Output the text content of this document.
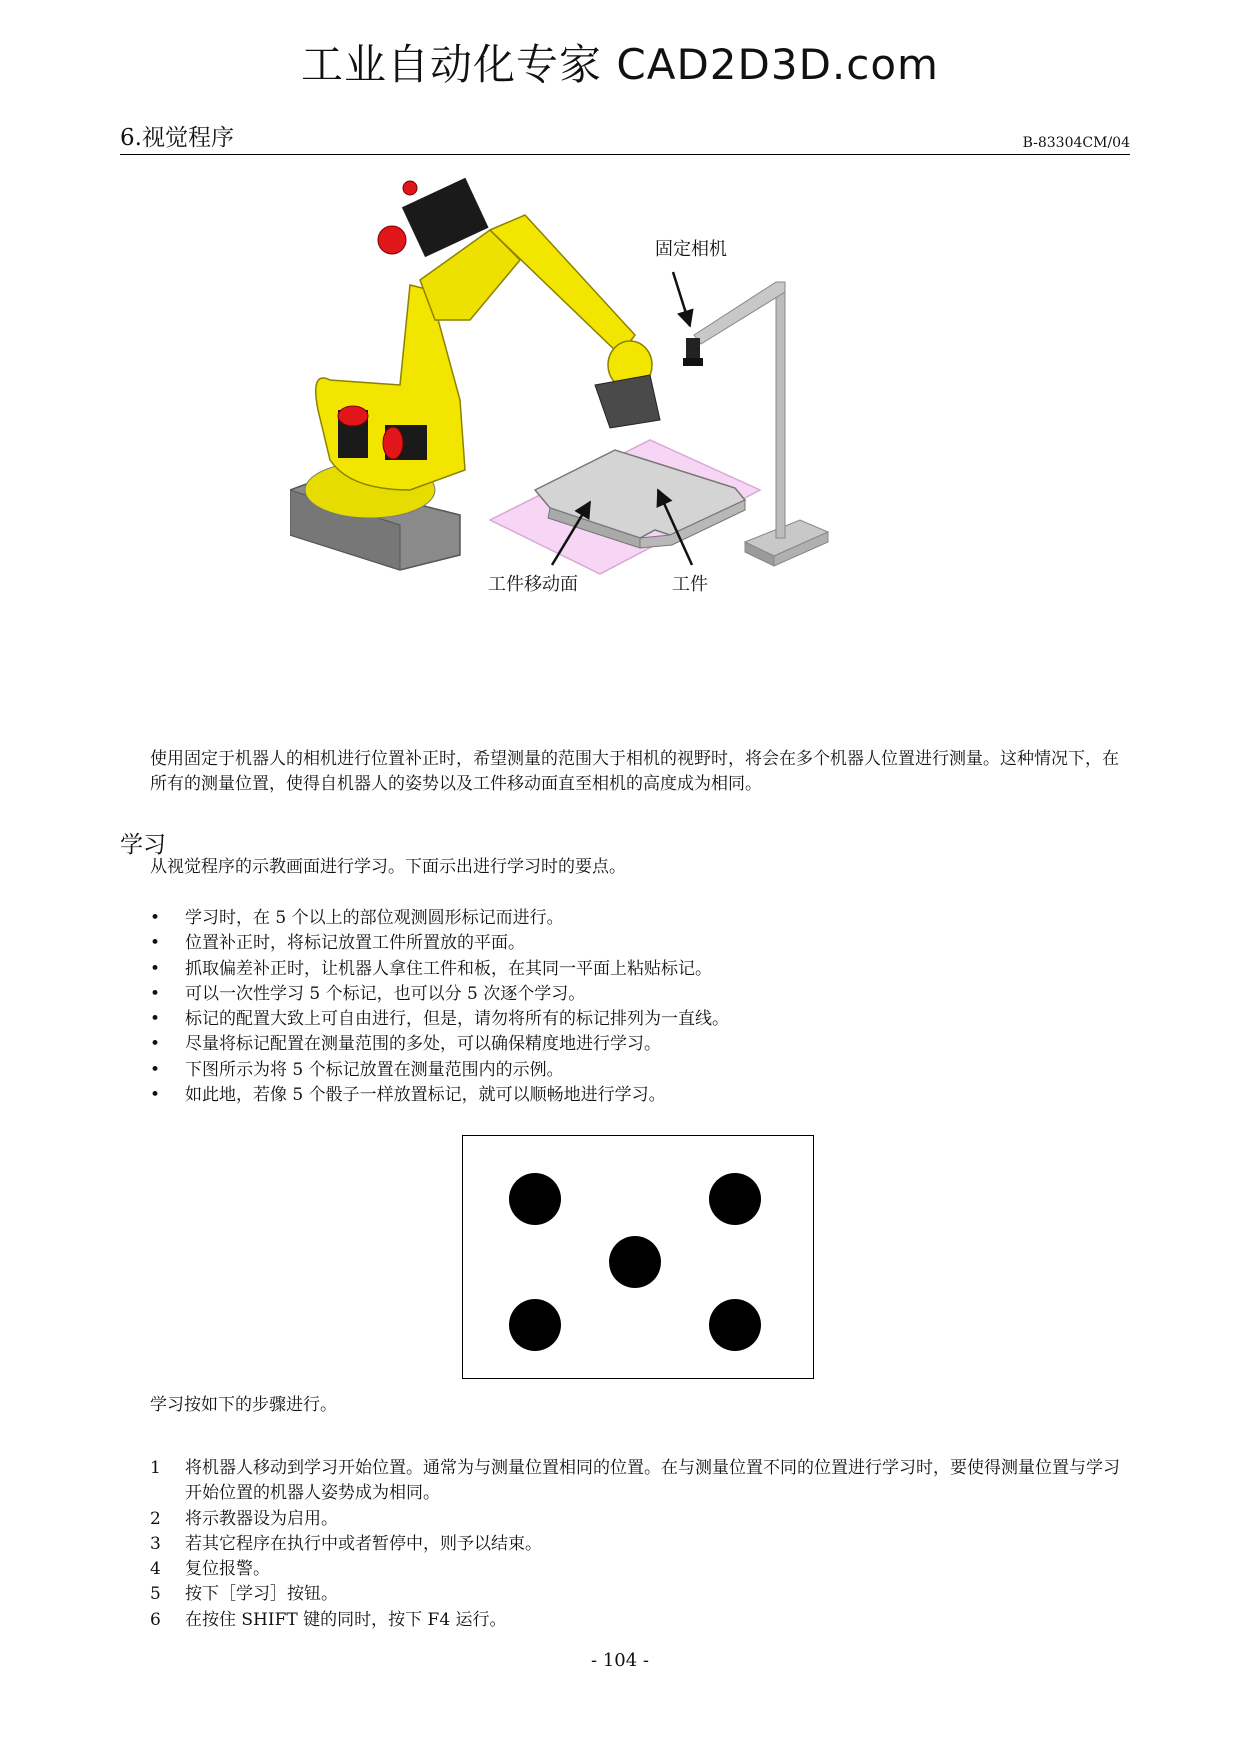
工业自动化专家 CAD2D3D.com
6.视觉程序	B-83304CM/04
固定相机
工件移动面	工件
使用固定于机器人的相机进行位置补正时，希望测量的范围大于相机的视野时，将会在多个机器人位置进行测量。这种情况下，在所有的测量位置，使得自机器人的姿势以及工件移动面直至相机的高度成为相同。
学习
从视觉程序的示教画面进行学习。下面示出进行学习时的要点。
• 学习时，在 5 个以上的部位观测圆形标记而进行。
• 位置补正时，将标记放置工件所置放的平面。
• 抓取偏差补正时，让机器人拿住工件和板，在其同一平面上粘贴标记。
• 可以一次性学习 5 个标记，也可以分 5 次逐个学习。
• 标记的配置大致上可自由进行，但是，请勿将所有的标记排列为一直线。
• 尽量将标记配置在测量范围的多处，可以确保精度地进行学习。
• 下图所示为将 5 个标记放置在测量范围内的示例。
• 如此地，若像 5 个骰子一样放置标记，就可以顺畅地进行学习。
学习按如下的步骤进行。
1 将机器人移动到学习开始位置。通常为与测量位置相同的位置。在与测量位置不同的位置进行学习时，要使得测量位置与学习开始位置的机器人姿势成为相同。
2 将示教器设为启用。
3 若其它程序在执行中或者暂停中，则予以结束。
4 复位报警。
5 按下［学习］按钮。
6 在按住 SHIFT 键的同时，按下 F4 运行。
- 104 -
